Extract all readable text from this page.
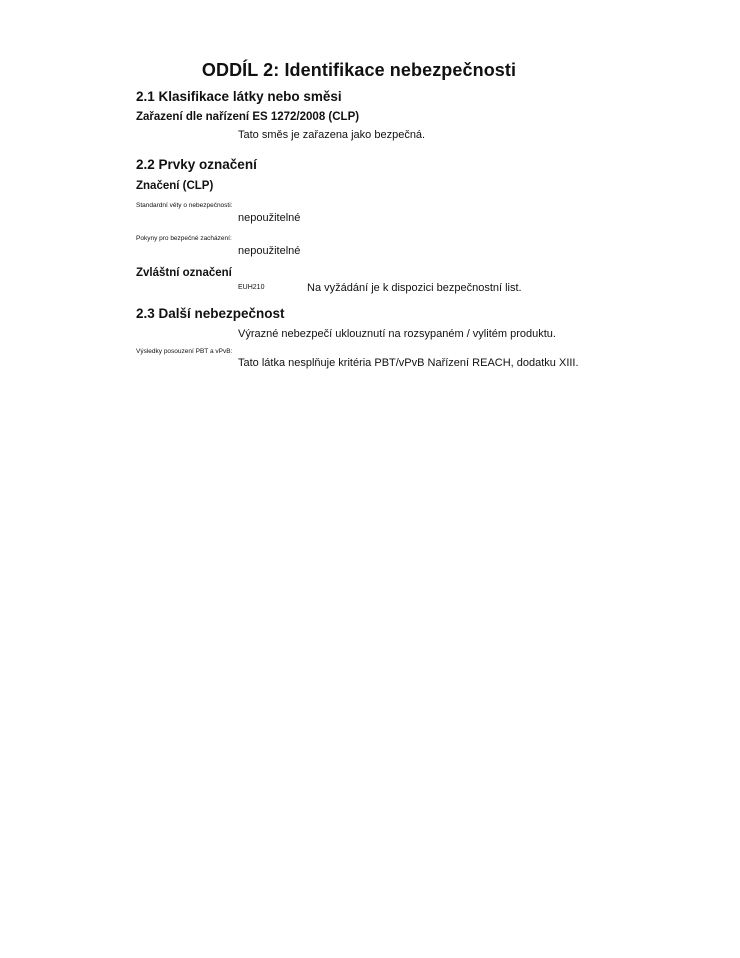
ODDÍL 2: Identifikace nebezpečnosti
2.1 Klasifikace látky nebo směsi
Zařazení dle nařízení ES 1272/2008 (CLP)
Tato směs je zařazena jako bezpečná.
2.2 Prvky označení
Značení (CLP)
Standardní věty o nebezpečnosti:
nepoužitelné
Pokyny pro bezpečné zacházení:
nepoužitelné
Zvláštní označení
EUH210	Na vyžádání je k dispozici bezpečnostní list.
2.3 Další nebezpečnost
Výrazné nebezpečí uklouznutí na rozsypaném / vylitém produktu.
Výsledky posouzení PBT a vPvB:
Tato látka nesplňuje kritéria PBT/vPvB Nařízení REACH, dodatku XIII.
